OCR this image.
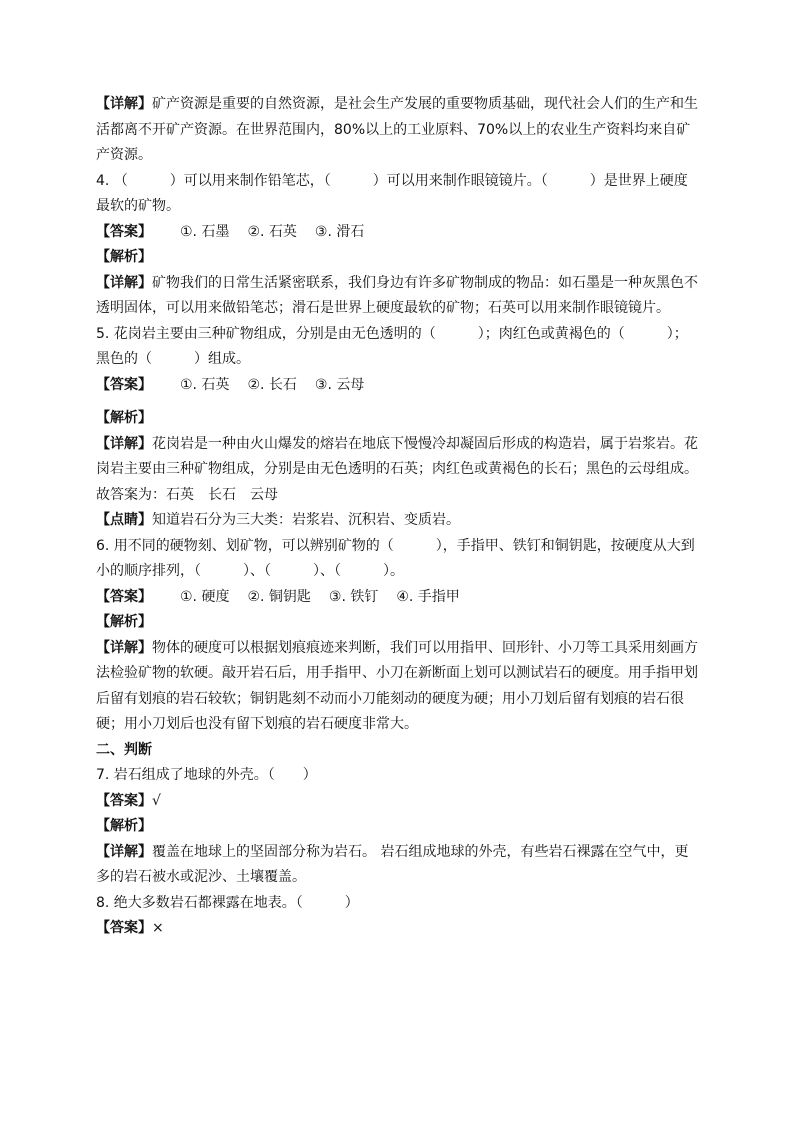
【详解】矿产资源是重要的自然资源，是社会生产发展的重要物质基础，现代社会人们的生产和生活都离不开矿产资源。在世界范围内，80%以上的工业原料、70%以上的农业生产资料均来自矿产资源。

4. （　　　）可以用来制作铅笔芯，（　　　）可以用来制作眼镜镜片。（　　　）是世界上硬度最软的矿物。

【答案】 ①. 石墨 ②. 石英 ③. 滑石

【解析】

【详解】矿物我们的日常生活紧密联系，我们身边有许多矿物制成的物品：如石墨是一种灰黑色不透明固体，可以用来做铅笔芯；滑石是世界上硬度最软的矿物；石英可以用来制作眼镜镜片。

5. 花岗岩主要由三种矿物组成，分别是由无色透明的（　　　）；肉红色或黄褐色的（　　　）；黑色的（　　　）组成。

【答案】 ①. 石英 ②. 长石 ③. 云母

【解析】

【详解】花岗岩是一种由火山爆发的熔岩在地底下慢慢冷却凝固后形成的构造岩，属于岩浆岩。花岗岩主要由三种矿物组成，分别是由无色透明的石英；肉红色或黄褐色的长石；黑色的云母组成。

故答案为：石英　长石　云母

【点睛】知道岩石分为三大类：岩浆岩、沉积岩、变质岩。

6. 用不同的硬物刻、划矿物，可以辨别矿物的（　　　），手指甲、铁钉和铜钥匙，按硬度从大到小的顺序排列，（　　　）、（　　　）、（　　　）。

【答案】 ①. 硬度 ②. 铜钥匙 ③. 铁钉 ④. 手指甲

【解析】

【详解】物体的硬度可以根据划痕痕迹来判断，我们可以用指甲、回形针、小刀等工具采用刻画方法检验矿物的软硬。敲开岩石后，用手指甲、小刀在新断面上划可以测试岩石的硬度。用手指甲划后留有划痕的岩石较软；铜钥匙刻不动而小刀能刻动的硬度为硬；用小刀划后留有划痕的岩石很硬；用小刀划后也没有留下划痕的岩石硬度非常大。

二、判断

7. 岩石组成了地球的外壳。（　　）

【答案】√

【解析】

【详解】覆盖在地球上的坚固部分称为岩石。 岩石组成地球的外壳，有些岩石裸露在空气中，更多的岩石被水或泥沙、土壤覆盖。

8. 绝大多数岩石都裸露在地表。（　　　）

【答案】×
